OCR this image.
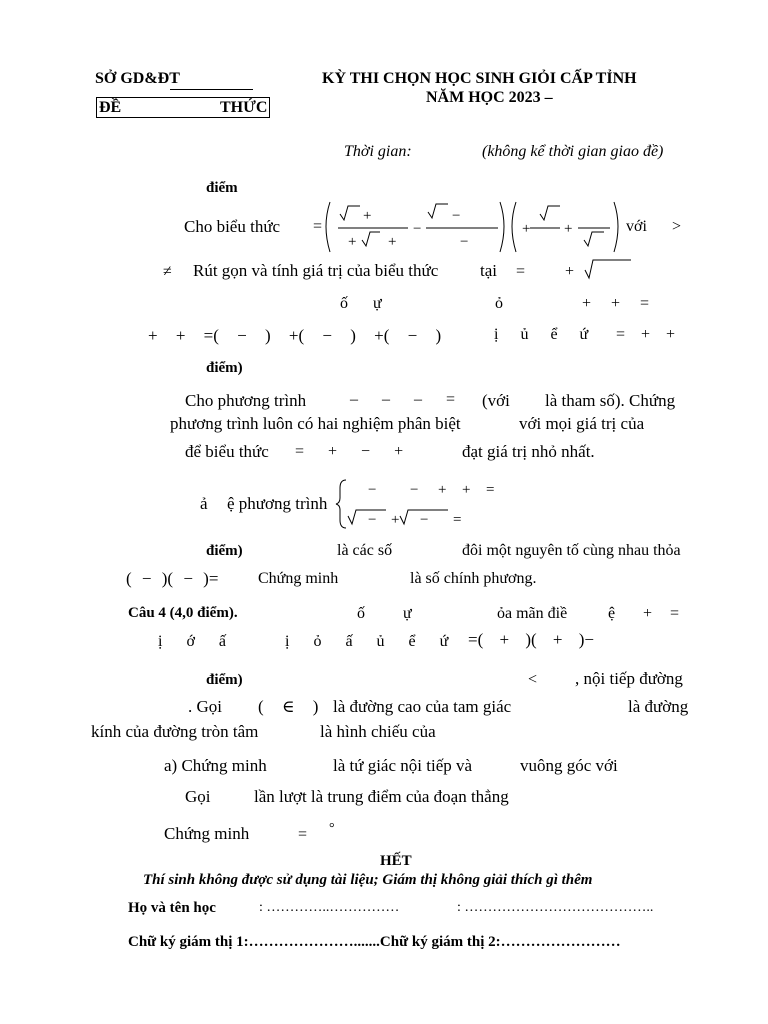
SỞ GD&ĐT
ĐỀ	THỨC
KỲ THI CHỌN HỌC SINH GIỎI CẤP TỈNH
NĂM HỌC 2023 –
Thời gian:	(không kể thời gian giao đề)
điểm
Cho biểu thức =
+
+ +
−
−
−
+ +	với >
≠ Rút gọn và tính giá trị của biểu thức tại = +
ố ự	ỏ	+ + =
+ + =( − ) +( − ) +( − )	ị ủ ể ứ = + +
điểm)
Cho phương trình	– – – = (với là tham số). Chứng
phương trình luôn có hai nghiệm phân biệt	với mọi giá trị của
để biểu thức = + − +	đạt giá trị nhỏ nhất.
ả ệ phương trình
− − + + =
− + − =
điểm)	là các số	đôi một nguyên tố cùng nhau thỏa
( − )( − )= Chứng minh	là số chính phương.
Câu 4 (4,0 điểm).	ố ự	ỏa mãn điề	ệ + =
ị ớ ấ	ị ỏ ấ ủ ể ứ =( + )( + )−
điểm)	< , nội tiếp đường
. Gọi ( ∈ ) là đường cao của tam giác	là đường
kính của đường tròn tâm	là hình chiếu của
a) Chứng minh	là tứ giác nội tiếp và	vuông góc với
Gọi	lần lượt là trung điểm của đoạn thẳng
Chứng minh	= °
HẾT
Thí sinh không được sử dụng tài liệu; Giám thị không giải thích gì thêm
Họ và tên học	: …………..……………	: …………………………………..
Chữ ký giám thị 1:………………….......Chữ ký giám thị 2:……………………
